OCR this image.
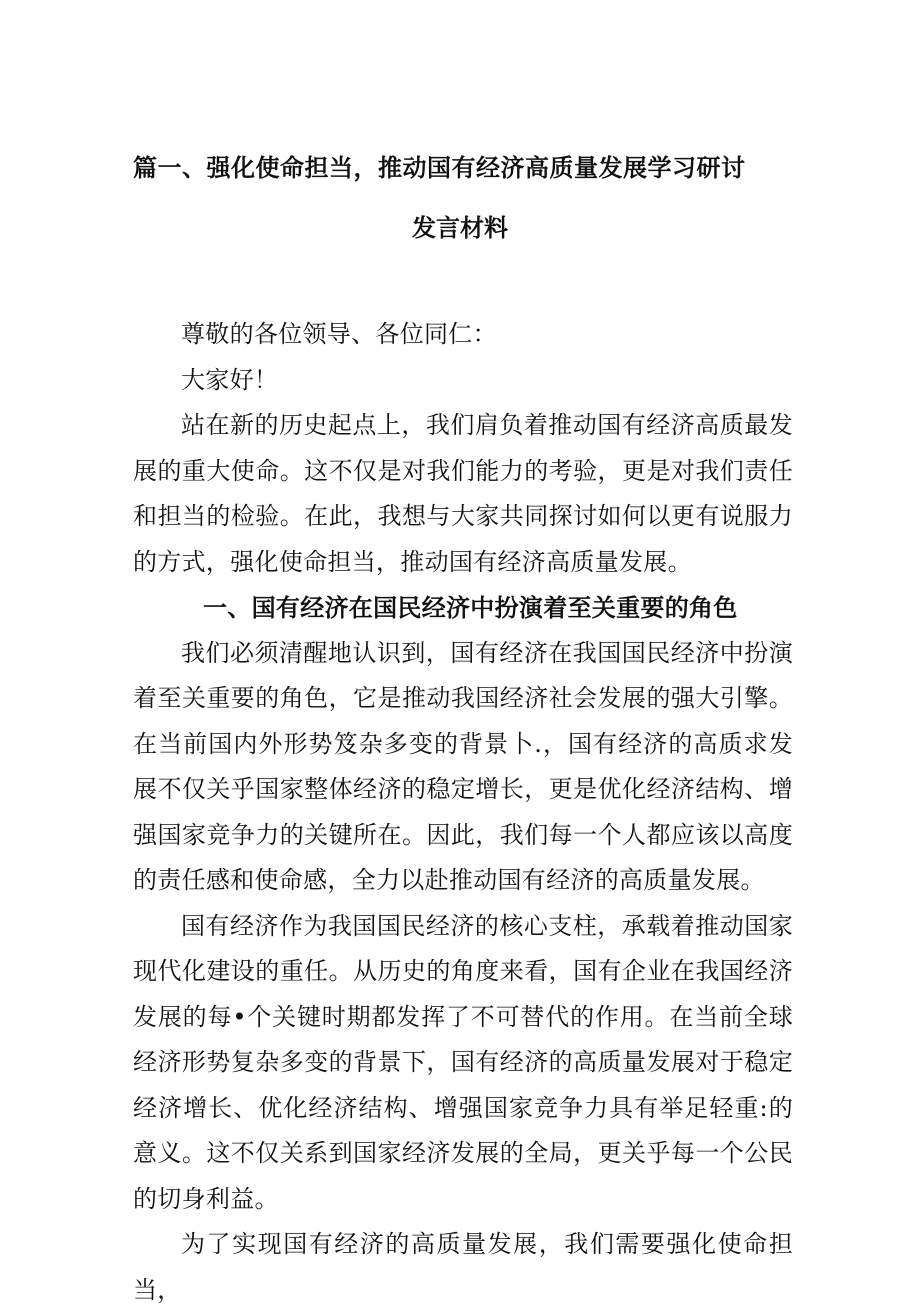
篇一、强化使命担当，推动国有经济高质量发展学习研讨
发言材料

尊敬的各位领导、各位同仁：

大家好！

站在新的历史起点上，我们肩负着推动国有经济高质最发展的重大使命。这不仅是对我们能力的考验，更是对我们责任和担当的检验。在此，我想与大家共同探讨如何以更有说服力的方式，强化使命担当，推动国有经济高质量发展。

一、国有经济在国民经济中扮演着至关重要的角色

我们必须清醒地认识到，国有经济在我国国民经济中扮演着至关重要的角色，它是推动我国经济社会发展的强大引擎。在当前国内外形势笈杂多变的背景卜.，国有经济的高质求发展不仅关乎国家整体经济的稳定增长，更是优化经济结构、增强国家竞争力的关键所在。因此，我们每一个人都应该以高度的责任感和使命感，全力以赴推动国有经济的高质量发展。

国有经济作为我国国民经济的核心支柱，承载着推动国家现代化建设的重任。从历史的角度来看，国有企业在我国经济发展的每•个关键时期都发挥了不可替代的作用。在当前全球经济形势复杂多变的背景下，国有经济的高质量发展对于稳定经济增长、优化经济结构、增强国家竞争力具有举足轻重:的意义。这不仅关系到国家经济发展的全局，更关乎每一个公民的切身利益。

为了实现国有经济的高质量发展，我们需要强化使命担当，
